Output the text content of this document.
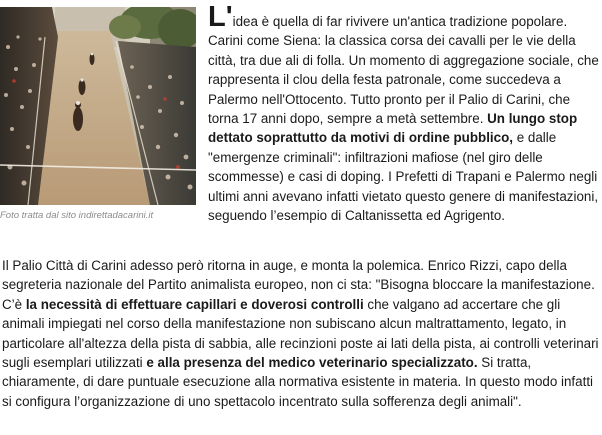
Foto tratta dal sito indirettadacarini.it

L'idea è quella di far rivivere un'antica tradizione popolare. Carini come Siena: la classica corsa dei cavalli per le vie della città, tra due ali di folla. Un momento di aggregazione sociale, che rappresenta il clou della festa patronale, come succedeva a Palermo nell'Ottocento. Tutto pronto per il Palio di Carini, che torna 17 anni dopo, sempre a metà settembre. Un lungo stop dettato soprattutto da motivi di ordine pubblico, e dalle "emergenze criminali": infiltrazioni mafiose (nel giro delle scommesse) e casi di doping. I Prefetti di Trapani e Palermo negli ultimi anni avevano infatti vietato questo genere di manifestazioni, seguendo l’esempio di Caltanissetta ed Agrigento.

Il Palio Città di Carini adesso però ritorna in auge, e monta la polemica. Enrico Rizzi, capo della segreteria nazionale del Partito animalista europeo, non ci sta: "Bisogna bloccare la manifestazione. C’è la necessità di effettuare capillari e doverosi controlli che valgano ad accertare che gli animali impiegati nel corso della manifestazione non subiscano alcun maltrattamento, legato, in particolare all'altezza della pista di sabbia, alle recinzioni poste ai lati della pista, ai controlli veterinari sugli esemplari utilizzati e alla presenza del medico veterinario specializzato. Si tratta, chiaramente, di dare puntuale esecuzione alla normativa esistente in materia. In questo modo infatti si configura l’organizzazione di uno spettacolo incentrato sulla sofferenza degli animali".
